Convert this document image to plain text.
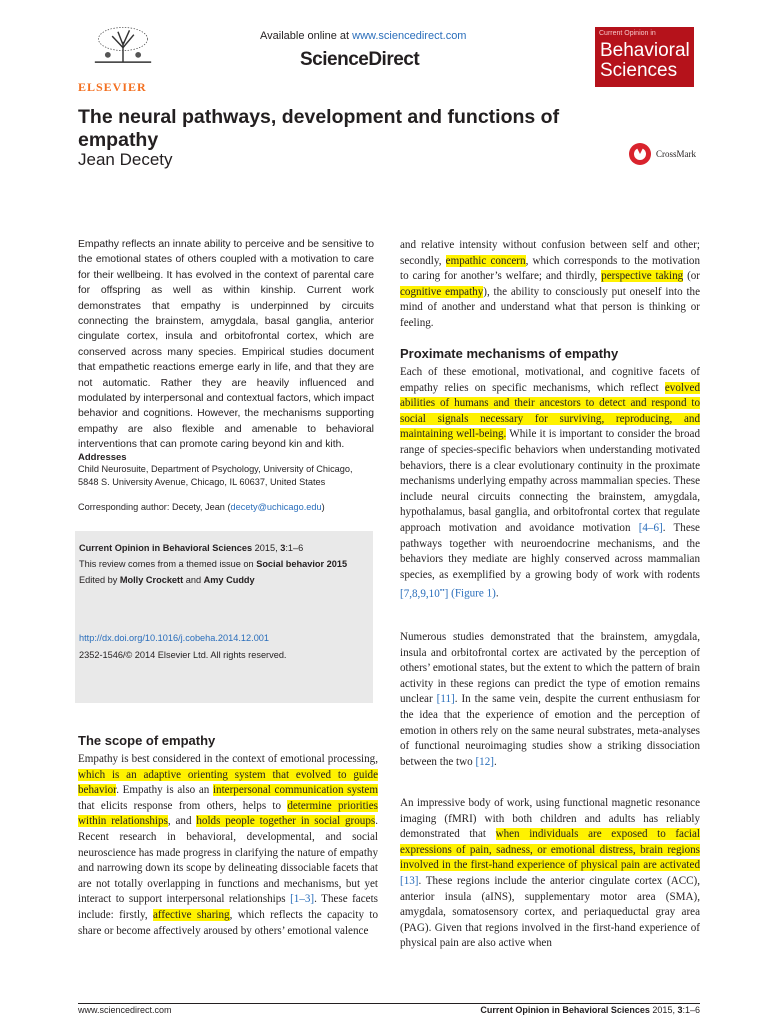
ELSEVIER
Available online at www.sciencedirect.com
ScienceDirect
Current Opinion in
Behavioral
Sciences
The neural pathways, development and functions of empathy
Jean Decety	CrossMark
Empathy reflects an innate ability to perceive and be sensitive to the emotional states of others coupled with a motivation to care for their wellbeing. It has evolved in the context of parental care for offspring as well as within kinship. Current work demonstrates that empathy is underpinned by circuits connecting the brainstem, amygdala, basal ganglia, anterior cingulate cortex, insula and orbitofrontal cortex, which are conserved across many species. Empirical studies document that empathetic reactions emerge early in life, and that they are not automatic. Rather they are heavily influenced and modulated by interpersonal and contextual factors, which impact behavior and cognitions. However, the mechanisms supporting empathy are also flexible and amenable to behavioral interventions that can promote caring beyond kin and kith.
Addresses
Child Neurosuite, Department of Psychology, University of Chicago,
5848 S. University Avenue, Chicago, IL 60637, United States
Corresponding author: Decety, Jean (decety@uchicago.edu)
Current Opinion in Behavioral Sciences 2015, 3:1–6
This review comes from a themed issue on Social behavior 2015
Edited by Molly Crockett and Amy Cuddy
http://dx.doi.org/10.1016/j.cobeha.2014.12.001
2352-1546/© 2014 Elsevier Ltd. All rights reserved.
The scope of empathy
Empathy is best considered in the context of emotional processing, which is an adaptive orienting system that evolved to guide behavior. Empathy is also an interpersonal communication system that elicits response from others, helps to determine priorities within relationships, and holds people together in social groups. Recent research in behavioral, developmental, and social neuroscience has made progress in clarifying the nature of empathy and narrowing down its scope by delineating dissociable facets that are not totally overlapping in functions and mechanisms, but yet interact to support interpersonal relationships [1–3]. These facets include: firstly, affective sharing, which reflects the capacity to share or become affectively aroused by others’ emotional valence
and relative intensity without confusion between self and other; secondly, empathic concern, which corresponds to the motivation to caring for another’s welfare; and thirdly, perspective taking (or cognitive empathy), the ability to consciously put oneself into the mind of another and understand what that person is thinking or feeling.
Proximate mechanisms of empathy
Each of these emotional, motivational, and cognitive facets of empathy relies on specific mechanisms, which reflect evolved abilities of humans and their ancestors to detect and respond to social signals necessary for surviving, reproducing, and maintaining well-being. While it is important to consider the broad range of species-specific behaviors when understanding motivated behaviors, there is a clear evolutionary continuity in the proximate mechanisms underlying empathy across mammalian species. These include neural circuits connecting the brainstem, amygdala, hypothalamus, basal ganglia, and orbitofrontal cortex that regulate approach motivation and avoidance motivation [4–6]. These pathways together with neuroendocrine mechanisms, and the behaviors they mediate are highly conserved across mammalian species, as exemplified by a growing body of work with rodents [7,8,9,10••] (Figure 1).
Numerous studies demonstrated that the brainstem, amygdala, insula and orbitofrontal cortex are activated by the perception of others’ emotional states, but the extent to which the pattern of brain activity in these regions can predict the type of emotion remains unclear [11]. In the same vein, despite the current enthusiasm for the idea that the experience of emotion and the perception of emotion in others rely on the same neural substrates, meta-analyses of functional neuroimaging studies show a striking dissociation between the two [12].
An impressive body of work, using functional magnetic resonance imaging (fMRI) with both children and adults has reliably demonstrated that when individuals are exposed to facial expressions of pain, sadness, or emotional distress, brain regions involved in the first-hand experience of physical pain are activated [13]. These regions include the anterior cingulate cortex (ACC), anterior insula (aINS), supplementary motor area (SMA), amygdala, somatosensory cortex, and periaqueductal gray area (PAG). Given that regions involved in the first-hand experience of physical pain are also active when
www.sciencedirect.com	Current Opinion in Behavioral Sciences 2015, 3:1–6
